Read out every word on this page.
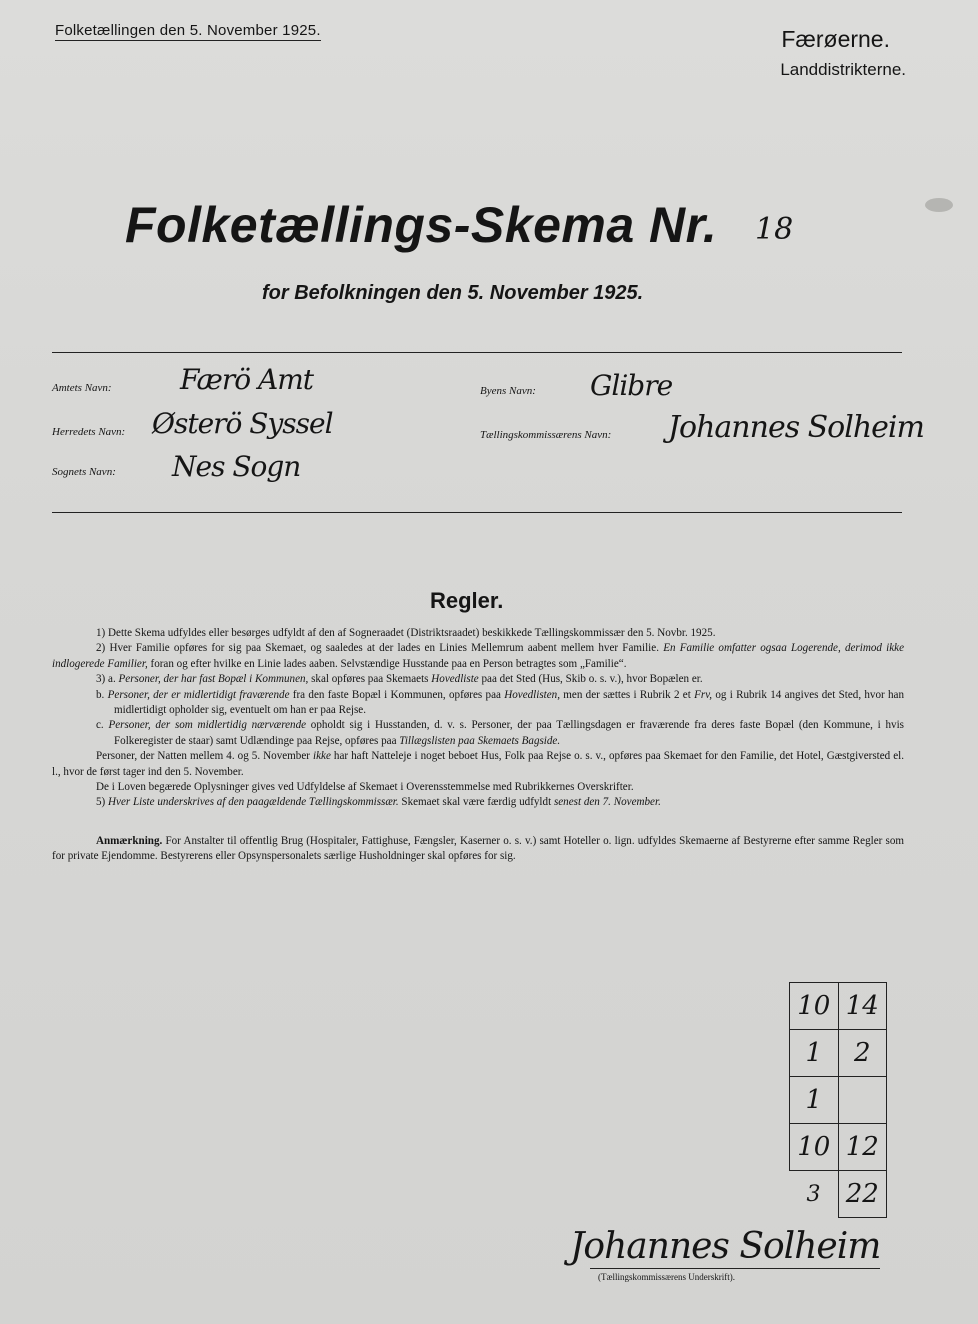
Folketællingen den 5. November 1925.	Færøerne.
Landdistrikterne.
Folketællings-Skema Nr. 18
for Befolkningen den 5. November 1925.
Amtets Navn: Færö Amt
Herredets Navn: Østerö Syssel
Sognets Navn: Nes Sogn
Byens Navn: Glibre
Tællingskommissærens Navn: Johannes Solheim
Regler.

1) Dette Skema udfyldes eller besørges udfyldt af den af Sogneraadet (Distriktsraadet) beskikkede Tællingskommissær den 5. Novbr. 1925.

2) Hver Familie opføres for sig paa Skemaet, og saaledes at der lades en Linies Mellemrum aabent mellem hver Familie. En Familie omfatter ogsaa Logerende, derimod ikke indlogerede Familier, foran og efter hvilke en Linie lades aaben. Selvstændige Husstande paa en Person betragtes som „Familie“.

3) a. Personer, der har fast Bopæl i Kommunen, skal opføres paa Skemaets Hovedliste paa det Sted (Hus, Skib o. s. v.), hvor Bopælen er.

b. Personer, der er midlertidigt fraværende fra den faste Bopæl i Kommunen, opføres paa Hovedlisten, men der sættes i Rubrik 2 et Frv, og i Rubrik 14 angives det Sted, hvor han midlertidigt opholder sig, eventuelt om han er paa Rejse.

c. Personer, der som midlertidig nærværende opholdt sig i Husstanden, d. v. s. Personer, der paa Tællingsdagen er fraværende fra deres faste Bopæl (den Kommune, i hvis Folkeregister de staar) samt Udlændinge paa Rejse, opføres paa Tillægslisten paa Skemaets Bagside.

Personer, der Natten mellem 4. og 5. November ikke har haft Natteleje i noget beboet Hus, Folk paa Rejse o. s. v., opføres paa Skemaet for den Familie, det Hotel, Gæstgiversted el. l., hvor de først tager ind den 5. November.

De i Loven begærede Oplysninger gives ved Udfyldelse af Skemaet i Overensstemmelse med Rubrikkernes Overskrifter.

5) Hver Liste underskrives af den paagældende Tællingskommissær. Skemaet skal være færdig udfyldt senest den 7. November.

Anmærkning. For Anstalter til offentlig Brug (Hospitaler, Fattighuse, Fængsler, Kaserner o. s. v.) samt Hoteller o. lign. udfyldes Skemaerne af Bestyrerne efter samme Regler som for private Ejendomme. Bestyrerens eller Opsynspersonalets særlige Husholdninger skal opføres for sig.

10	14
1	2
1	
10	12
3	22
Johannes Solheim
(Tællingskommissærens Underskrift).
